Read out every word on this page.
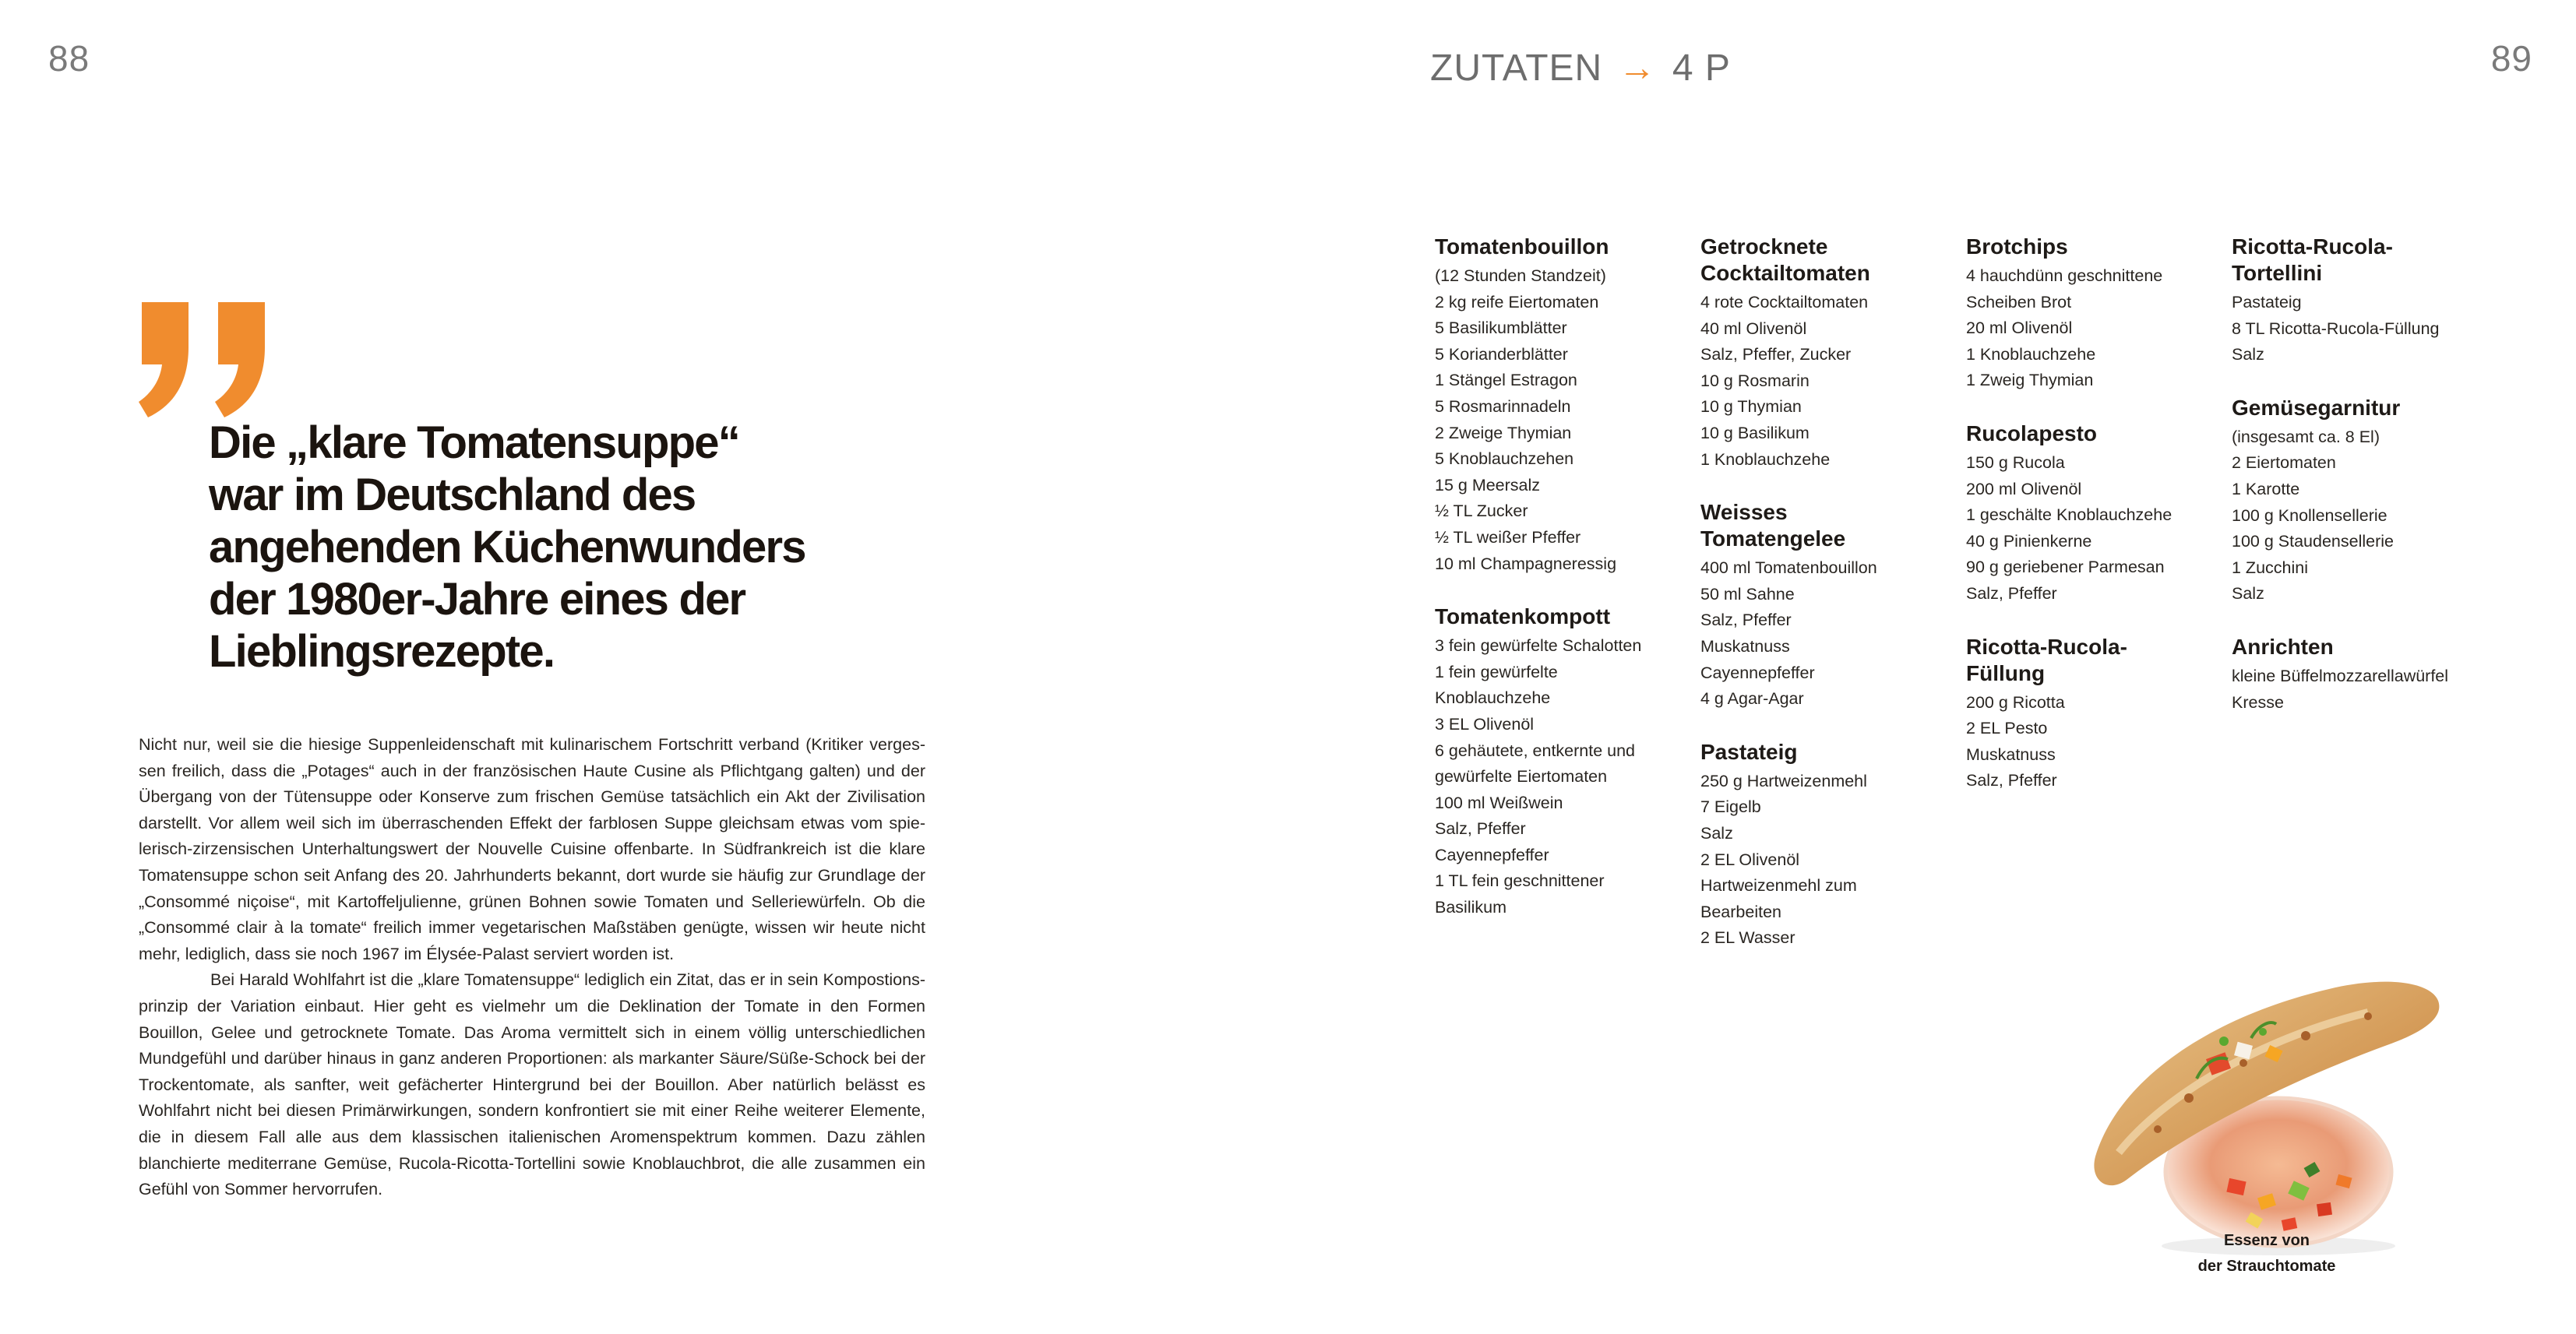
88	89
ZUTATEN → 4 P
Die „klare Tomatensuppe“
war im Deutschland des
angehenden Küchenwunders
der 1980er-Jahre eines der
Lieblingsrezepte.

Nicht nur, weil sie die hiesige Suppenleidenschaft mit kulinarischem Fortschritt verband (Kritiker vergessen freilich, dass die „Potages“ auch in der französischen Haute Cusine als Pflichtgang galten) und der Übergang von der Tütensuppe oder Konserve zum frischen Gemüse tatsächlich ein Akt der Zivilisation darstellt. Vor allem weil sich im überraschenden Effekt der farblosen Suppe gleichsam etwas vom spielerisch-zirzensischen Unterhaltungswert der Nouvelle Cuisine offenbarte. In Südfrankreich ist die klare Tomatensuppe schon seit Anfang des 20. Jahrhunderts bekannt, dort wurde sie häufig zur Grundlage der „Consommé niçoise“, mit Kartoffeljulienne, grünen Bohnen sowie Tomaten und Selleriewürfeln. Ob die „Consommé clair à la tomate“ freilich immer vegetarischen Maßstäben genügte, wissen wir heute nicht mehr, lediglich, dass sie noch 1967 im Élysée-Palast serviert worden ist.

Bei Harald Wohlfahrt ist die „klare Tomatensuppe“ lediglich ein Zitat, das er in sein Kompostionsprinzip der Variation einbaut. Hier geht es vielmehr um die Deklination der Tomate in den Formen Bouillon, Gelee und getrocknete Tomate. Das Aroma vermittelt sich in einem völlig unterschiedlichen Mundgefühl und darüber hinaus in ganz anderen Proportionen: als markanter Säure/Süße-Schock bei der Trockentomate, als sanfter, weit gefächerter Hintergrund bei der Bouillon. Aber natürlich belässt es Wohlfahrt nicht bei diesen Primärwirkungen, sondern konfrontiert sie mit einer Reihe weiterer Elemente, die in diesem Fall alle aus dem klassischen italienischen Aromenspektrum kommen. Dazu zählen blanchierte mediterrane Gemüse, Rucola-Ricotta-Tortellini sowie Knoblauchbrot, die alle zusammen ein Gefühl von Sommer hervorrufen.

Tomatenbouillon
(12 Stunden Standzeit)
2 kg reife Eiertomaten
5 Basilikumblätter
5 Korianderblätter
1 Stängel Estragon
5 Rosmarinnadeln
2 Zweige Thymian
5 Knoblauchzehen
15 g Meersalz
½ TL Zucker
½ TL weißer Pfeffer
10 ml Champagneressig
Tomatenkompott
3 fein gewürfelte Schalotten
1 fein gewürfelte
Knoblauchzehe
3 EL Olivenöl
6 gehäutete, entkernte und
gewürfelte Eiertomaten
100 ml Weißwein
Salz, Pfeffer
Cayennepfeffer
1 TL fein geschnittener
Basilikum
Getrocknete Cocktailtomaten
4 rote Cocktailtomaten
40 ml Olivenöl
Salz, Pfeffer, Zucker
10 g Rosmarin
10 g Thymian
10 g Basilikum
1 Knoblauchzehe
Weisses Tomatengelee
400 ml Tomatenbouillon
50 ml Sahne
Salz, Pfeffer
Muskatnuss
Cayennepfeffer
4 g Agar-Agar
Pastateig
250 g Hartweizenmehl
7 Eigelb
Salz
2 EL Olivenöl
Hartweizenmehl zum
Bearbeiten
2 EL Wasser
Brotchips
4 hauchdünn geschnittene
Scheiben Brot
20 ml Olivenöl
1 Knoblauchzehe
1 Zweig Thymian
Rucolapesto
150 g Rucola
200 ml Olivenöl
1 geschälte Knoblauchzehe
40 g Pinienkerne
90 g geriebener Parmesan
Salz, Pfeffer
Ricotta-Rucola-Füllung
200 g Ricotta
2 EL Pesto
Muskatnuss
Salz, Pfeffer
Ricotta-Rucola-Tortellini
Pastateig
8 TL Ricotta-Rucola-Füllung
Salz
Gemüsegarnitur
(insgesamt ca. 8 El)
2 Eiertomaten
1 Karotte
100 g Knollensellerie
100 g Staudensellerie
1 Zucchini
Salz
Anrichten
kleine Büffelmozzarellawürfel
Kresse
Essenz von
der Strauchtomate
